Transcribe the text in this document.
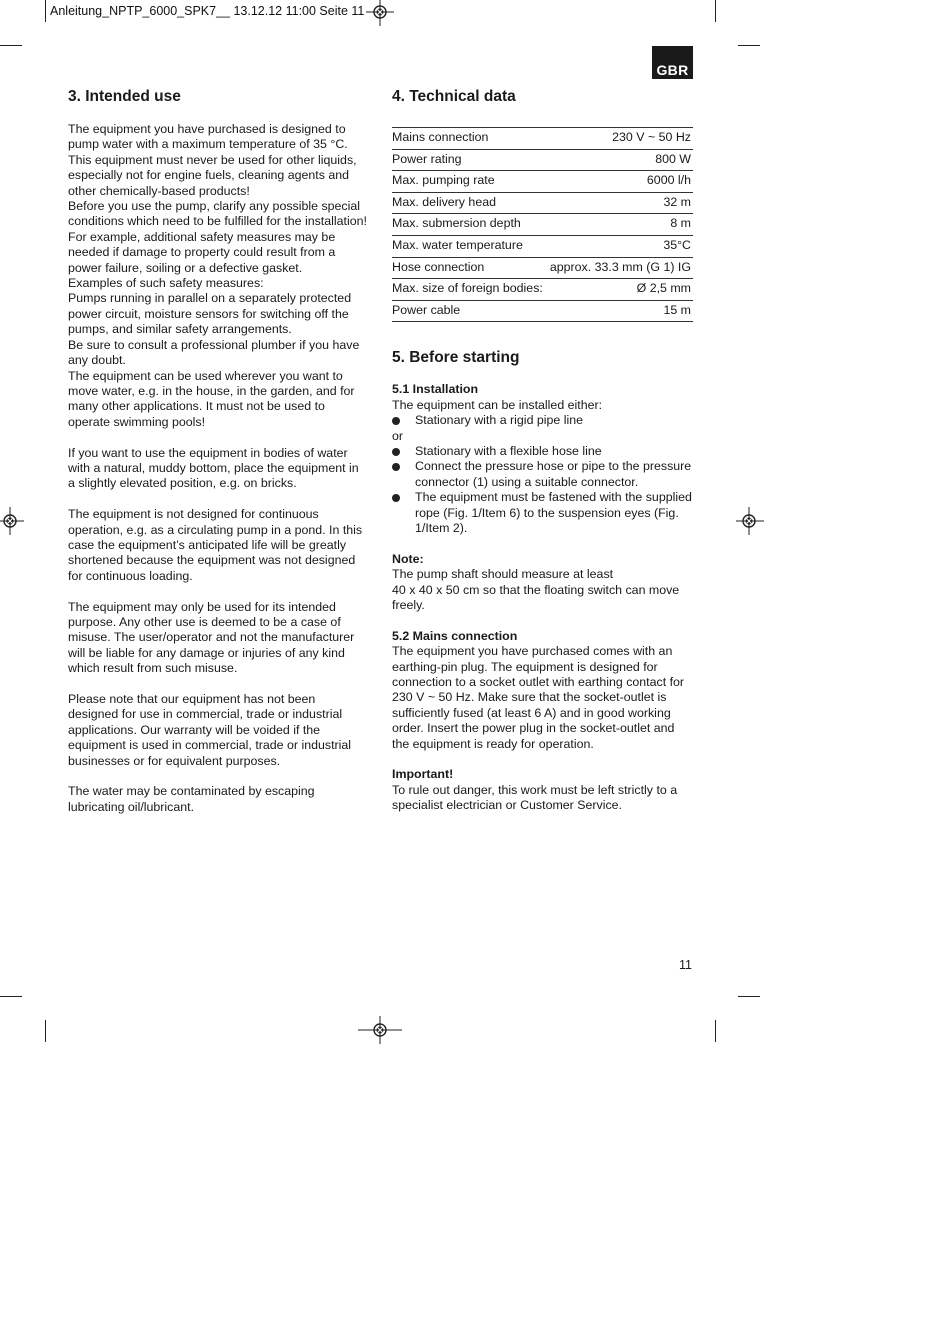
Anleitung_NPTP_6000_SPK7__ 13.12.12 11:00 Seite 11
GBR
3. Intended use

The equipment you have purchased is designed to pump water with a maximum temperature of 35 °C. This equipment must never be used for other liquids, especially not for engine fuels, cleaning agents and other chemically-based products!
Before you use the pump, clarify any possible special conditions which need to be fulfilled for the installation!
For example, additional safety measures may be needed if damage to property could result from a power failure, soiling or a defective gasket.
Examples of such safety measures:
Pumps running in parallel on a separately protected power circuit, moisture sensors for switching off the pumps, and similar safety arrangements.
Be sure to consult a professional plumber if you have any doubt.
The equipment can be used wherever you want to move water, e.g. in the house, in the garden, and for many other applications. It must not be used to operate swimming pools!

If you want to use the equipment in bodies of water with a natural, muddy bottom, place the equipment in a slightly elevated position, e.g. on bricks.

The equipment is not designed for continuous operation, e.g. as a circulating pump in a pond. In this case the equipment’s anticipated life will be greatly shortened because the equipment was not designed for continuous loading.

The equipment may only be used for its intended purpose. Any other use is deemed to be a case of misuse. The user/operator and not the manufacturer will be liable for any damage or injuries of any kind which result from such misuse.

Please note that our equipment has not been designed for use in commercial, trade or industrial applications. Our warranty will be voided if the equipment is used in commercial, trade or industrial businesses or for equivalent purposes.

The water may be contaminated by escaping lubricating oil/lubricant.

4. Technical data
Mains connection	230 V ~ 50 Hz
Power rating	800 W
Max. pumping rate	6000 l/h
Max. delivery head	32 m
Max. submersion depth	8 m
Max. water temperature	35°C
Hose connection	approx. 33.3 mm (G 1) IG
Max. size of foreign bodies:	Ø 2,5 mm
Power cable	15 m
5. Before starting
5.1 Installation
The equipment can be installed either:
Stationary with a rigid pipe line
or
Stationary with a flexible hose line
Connect the pressure hose or pipe to the pressure connector (1) using a suitable connector.
The equipment must be fastened with the supplied rope (Fig. 1/Item 6) to the suspension eyes (Fig. 1/Item 2).
Note:
The pump shaft should measure at least
40 x 40 x 50 cm so that the floating switch can move freely.
5.2 Mains connection
The equipment you have purchased comes with an earthing-pin plug. The equipment is designed for connection to a socket outlet with earthing contact for 230 V ~ 50 Hz. Make sure that the socket-outlet is sufficiently fused (at least 6 A) and in good working order. Insert the power plug in the socket-outlet and the equipment is ready for operation.
Important!
To rule out danger, this work must be left strictly to a specialist electrician or Customer Service.
11
